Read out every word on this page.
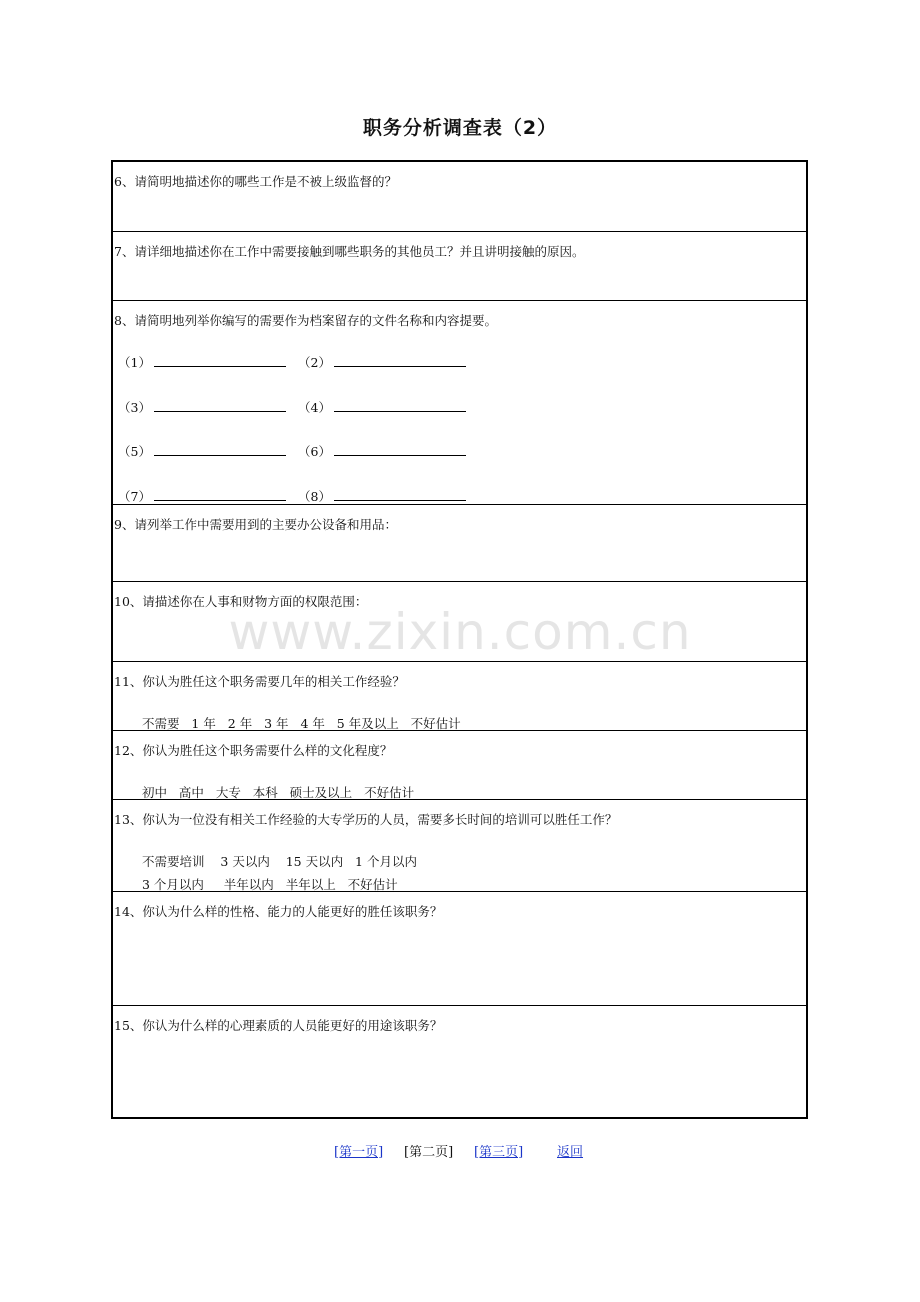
职务分析调查表（2）
6、请简明地描述你的哪些工作是不被上级监督的？
7、请详细地描述你在工作中需要接触到哪些职务的其他员工？并且讲明接触的原因。
8、请简明地列举你编写的需要作为档案留存的文件名称和内容提要。
（1）	（2）
（3）	（4）
（5）	（6）
（7）	（8）
9、请列举工作中需要用到的主要办公设备和用品：
10、请描述你在人事和财物方面的权限范围：
11、你认为胜任这个职务需要几年的相关工作经验？
不需要   1 年   2 年   3 年   4 年   5 年及以上   不好估计
12、你认为胜任这个职务需要什么样的文化程度？
初中   高中   大专   本科   硕士及以上   不好估计
13、你认为一位没有相关工作经验的大专学历的人员，需要多长时间的培训可以胜任工作？
不需要培训    3 天以内    15 天以内   1 个月以内
3 个月以内     半年以内   半年以上   不好估计
14、你认为什么样的性格、能力的人能更好的胜任该职务？
15、你认为什么样的心理素质的人员能更好的用途该职务？
www.zixin.com.cn
[第一页] [第二页] [第三页]	返回
